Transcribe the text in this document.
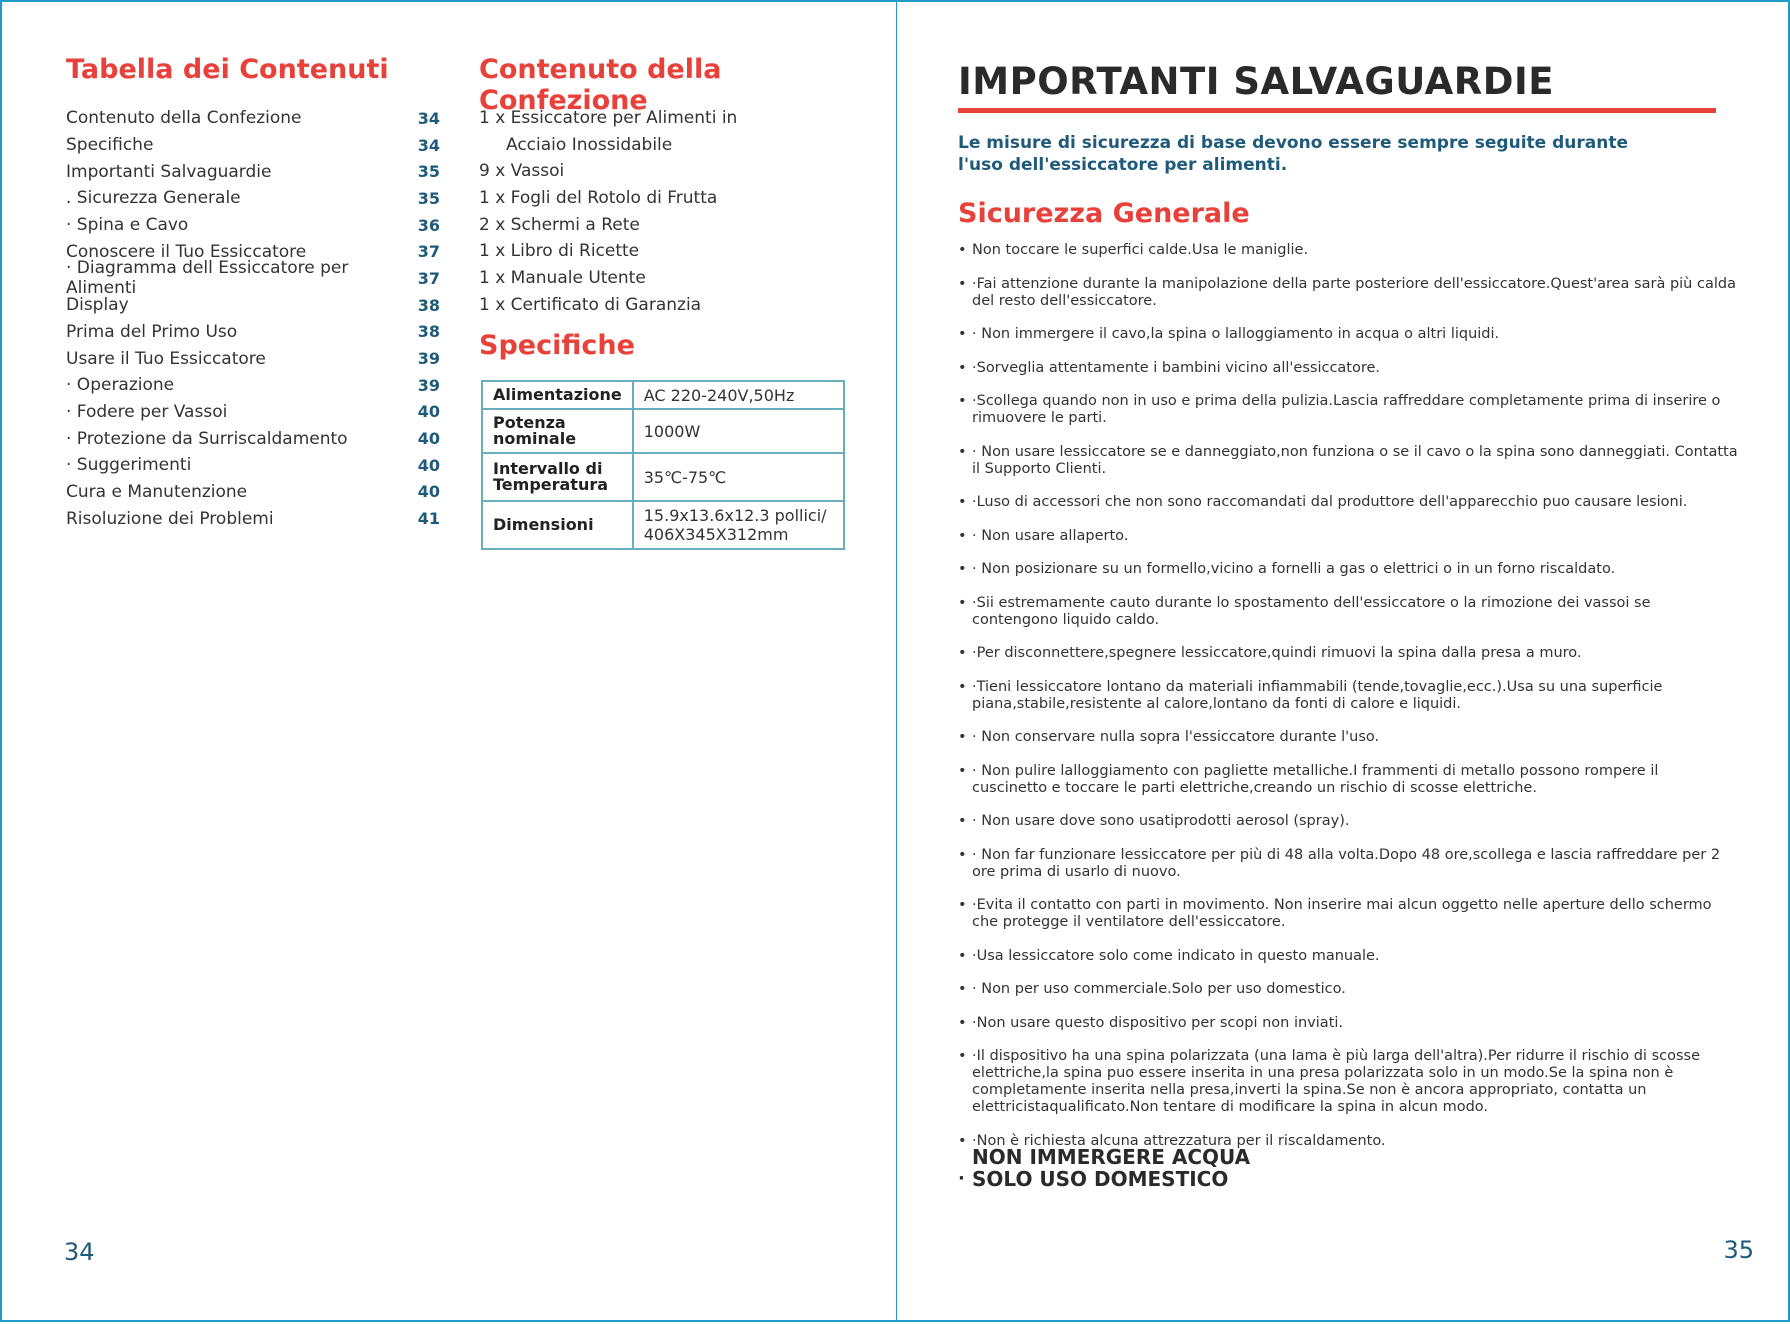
Tabella dei Contenuti
Contenuto della Confezione	34
Specifiche	34
Importanti Salvaguardie	35
. Sicurezza Generale	35
· Spina e Cavo	36
Conoscere il Tuo Essiccatore	37
· Diagramma dell Essiccatore per Alimenti	37
Display	38
Prima del Primo Uso	38
Usare il Tuo Essiccatore	39
· Operazione	39
· Fodere per Vassoi	40
· Protezione da Surriscaldamento	40
· Suggerimenti	40
Cura e Manutenzione	40
Risoluzione dei Problemi	41
Contenuto della Confezione
1 x Essiccatore per Alimenti in
Acciaio Inossidabile
9 x Vassoi
1 x Fogli del Rotolo di Frutta
2 x Schermi a Rete
1 x Libro di Ricette
1 x Manuale Utente
1 x Certificato di Garanzia
Specifiche
Alimentazione	AC 220-240V,50Hz
Potenza nominale	1000W
Intervallo di Temperatura	35℃-75℃
Dimensioni	15.9x13.6x12.3 pollici/ 406X345X312mm
34
IMPORTANTI SALVAGUARDIE
Le misure di sicurezza di base devono essere sempre seguite durante l'uso dell'essiccatore per alimenti.
Sicurezza Generale
• Non toccare le superfici calde.Usa le maniglie.
• ·Fai attenzione durante la manipolazione della parte posteriore dell'essiccatore.Quest'area sarà più calda del resto dell'essiccatore.
• · Non immergere il cavo,la spina o lalloggiamento in acqua o altri liquidi.
• ·Sorveglia attentamente i bambini vicino all'essiccatore.
• ·Scollega quando non in uso e prima della pulizia.Lascia raffreddare completamente prima di inserire o rimuovere le parti.
• · Non usare lessiccatore se e danneggiato,non funziona o se il cavo o la spina sono danneggiati. Contatta il Supporto Clienti.
• ·Luso di accessori che non sono raccomandati dal produttore dell'apparecchio puo causare lesioni.
• · Non usare allaperto.
• · Non posizionare su un formello,vicino a fornelli a gas o elettrici o in un forno riscaldato.
• ·Sii estremamente cauto durante lo spostamento dell'essiccatore o la rimozione dei vassoi se contengono liquido caldo.
• ·Per disconnettere,spegnere lessiccatore,quindi rimuovi la spina dalla presa a muro.
• ·Tieni lessiccatore lontano da materiali infiammabili (tende,tovaglie,ecc.).Usa su una superficie piana,stabile,resistente al calore,lontano da fonti di calore e liquidi.
• · Non conservare nulla sopra l'essiccatore durante l'uso.
• · Non pulire lalloggiamento con pagliette metalliche.I frammenti di metallo possono rompere il cuscinetto e toccare le parti elettriche,creando un rischio di scosse elettriche.
• · Non usare dove sono usatiprodotti aerosol (spray).
• · Non far funzionare lessiccatore per più di 48 alla volta.Dopo 48 ore,scollega e lascia raffreddare per 2 ore prima di usarlo di nuovo.
• ·Evita il contatto con parti in movimento. Non inserire mai alcun oggetto nelle aperture dello schermo che protegge il ventilatore dell'essiccatore.
• ·Usa lessiccatore solo come indicato in questo manuale.
• · Non per uso commerciale.Solo per uso domestico.
• ·Non usare questo dispositivo per scopi non inviati.
• ·Il dispositivo ha una spina polarizzata (una lama è più larga dell'altra).Per ridurre il rischio di scosse elettriche,la spina puo essere inserita in una presa polarizzata solo in un modo.Se la spina non è completamente inserita nella presa,inverti la spina.Se non è ancora appropriato, contatta un elettricistaqualificato.Non tentare di modificare la spina in alcun modo.
• ·Non è richiesta alcuna attrezzatura per il riscaldamento.
·
NON IMMERGERE ACQUA
SOLO USO DOMESTICO
35
